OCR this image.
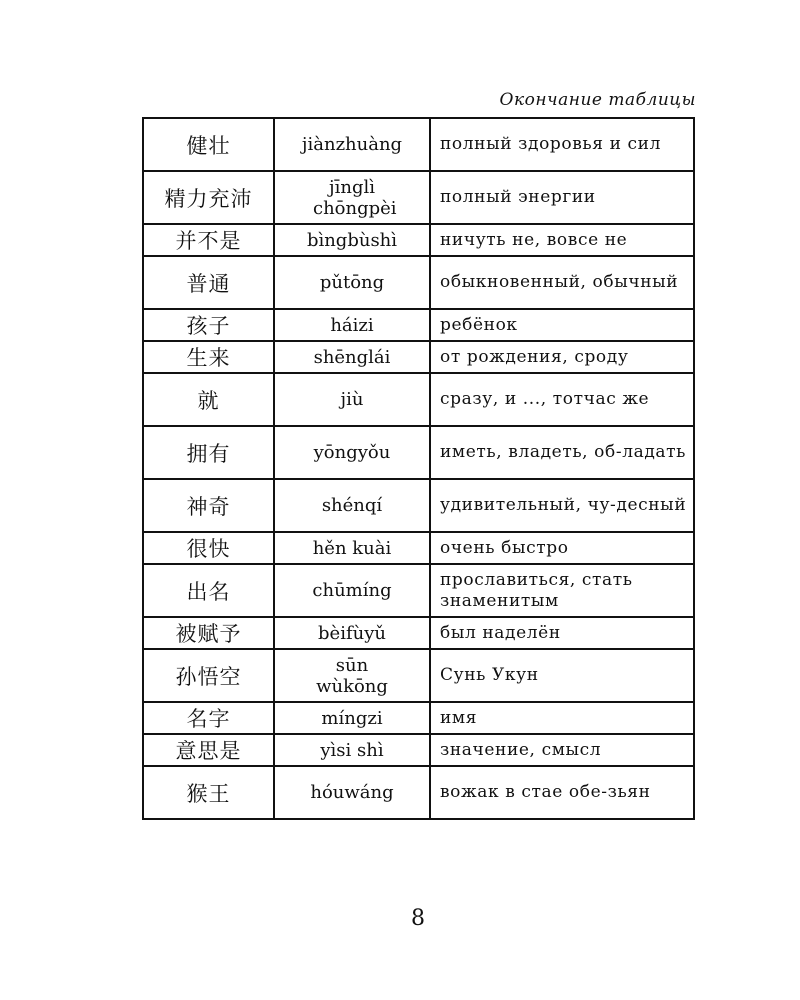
Окончание таблицы
健壮	jiànzhuàng	полный здоровья и сил
精力充沛	jīnglì chōngpèi	полный энергии
并不是	bìngbùshì	ничуть не, вовсе не
普通	pǔtōng	обыкновенный, обычный
孩子	háizi	ребёнок
生来	shēnglái	от рождения, сроду
就	jiù	сразу, и ..., тотчас же
拥有	yōngyǒu	иметь, владеть, об-ладать
神奇	shénqí	удивительный, чу-десный
很快	hěn kuài	очень быстро
出名	chūmíng	прославиться, стать знаменитым
被赋予	bèifùyǔ	был наделён
孙悟空	sūn wùkōng	Сунь Укун
名字	míngzi	имя
意思是	yìsi shì	значение, смысл
猴王	hóuwáng	вожак в стае обе-зьян
8
